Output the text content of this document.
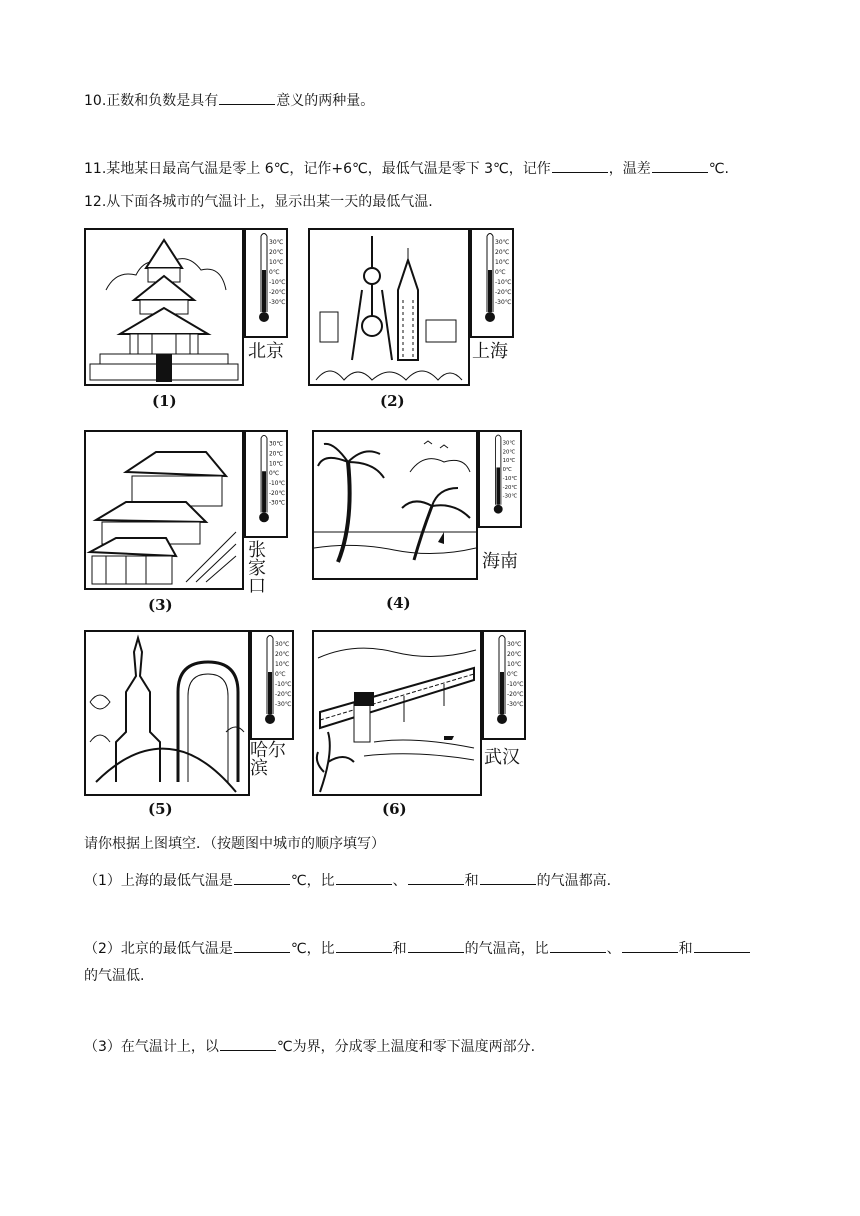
10.正数和负数是具有	意义的两种量。
11.某地某日最高气温是零上 6℃，记作+6℃，最低气温是零下 3℃，记作	，温差	℃.
12.从下面各城市的气温计上，显示出某一天的最低气温.
30℃
20℃
10℃
0℃
-10℃
-20℃
-30℃
北京
(1)
30℃
20℃
10℃
0℃
-10℃
-20℃
-30℃
上海
(2)
30℃
20℃
10℃
0℃
-10℃
-20℃
-30℃
张家口
(3)
30℃
20℃
10℃
0℃
-10℃
-20℃
-30℃
海南
(4)
30℃
20℃
10℃
0℃
-10℃
-20℃
-30℃
哈尔滨
(5)
30℃
20℃
10℃
0℃
-10℃
-20℃
-30℃
武汉
(6)
请你根据上图填空．（按题图中城市的顺序填写）
（1）上海的最低气温是	℃，比	、	和	的气温都高.
（2）北京的最低气温是	℃，比	和	的气温高，比	、	和
的气温低.
（3）在气温计上，以	℃为界，分成零上温度和零下温度两部分.
